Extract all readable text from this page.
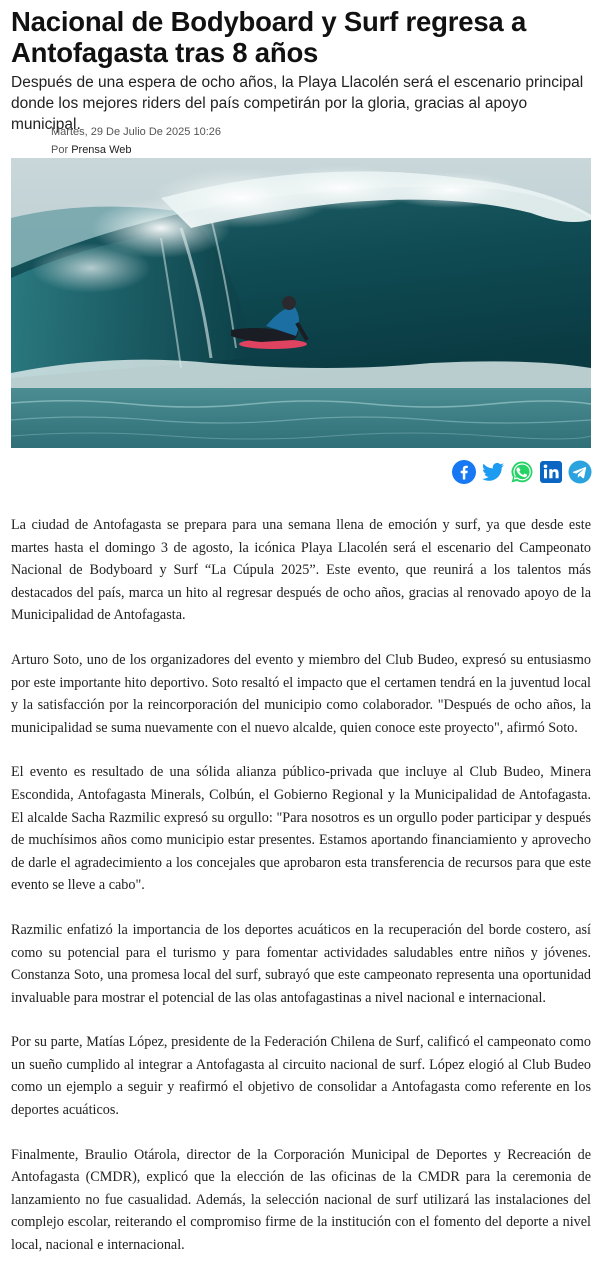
Nacional de Bodyboard y Surf regresa a Antofagasta tras 8 años

Después de una espera de ocho años, la Playa Llacolén será el escenario principal donde los mejores riders del país competirán por la gloria, gracias al apoyo municipal.

Martes, 29 De Julio De 2025 10:26
Por Prensa Web

La ciudad de Antofagasta se prepara para una semana llena de emoción y surf, ya que desde este martes hasta el domingo 3 de agosto, la icónica Playa Llacolén será el escenario del Campeonato Nacional de Bodyboard y Surf “La Cúpula 2025”. Este evento, que reunirá a los talentos más destacados del país, marca un hito al regresar después de ocho años, gracias al renovado apoyo de la Municipalidad de Antofagasta.

Arturo Soto, uno de los organizadores del evento y miembro del Club Budeo, expresó su entusiasmo por este importante hito deportivo. Soto resaltó el impacto que el certamen tendrá en la juventud local y la satisfacción por la reincorporación del municipio como colaborador. "Después de ocho años, la municipalidad se suma nuevamente con el nuevo alcalde, quien conoce este proyecto", afirmó Soto.

El evento es resultado de una sólida alianza público-privada que incluye al Club Budeo, Minera Escondida, Antofagasta Minerals, Colbún, el Gobierno Regional y la Municipalidad de Antofagasta. El alcalde Sacha Razmilic expresó su orgullo: "Para nosotros es un orgullo poder participar y después de muchísimos años como municipio estar presentes. Estamos aportando financiamiento y aprovecho de darle el agradecimiento a los concejales que aprobaron esta transferencia de recursos para que este evento se lleve a cabo".

Razmilic enfatizó la importancia de los deportes acuáticos en la recuperación del borde costero, así como su potencial para el turismo y para fomentar actividades saludables entre niños y jóvenes. Constanza Soto, una promesa local del surf, subrayó que este campeonato representa una oportunidad invaluable para mostrar el potencial de las olas antofagastinas a nivel nacional e internacional.

Por su parte, Matías López, presidente de la Federación Chilena de Surf, calificó el campeonato como un sueño cumplido al integrar a Antofagasta al circuito nacional de surf. López elogió al Club Budeo como un ejemplo a seguir y reafirmó el objetivo de consolidar a Antofagasta como referente en los deportes acuáticos.

Finalmente, Braulio Otárola, director de la Corporación Municipal de Deportes y Recreación de Antofagasta (CMDR), explicó que la elección de las oficinas de la CMDR para la ceremonia de lanzamiento no fue casualidad. Además, la selección nacional de surf utilizará las instalaciones del complejo escolar, reiterando el compromiso firme de la institución con el fomento del deporte a nivel local, nacional e internacional.
